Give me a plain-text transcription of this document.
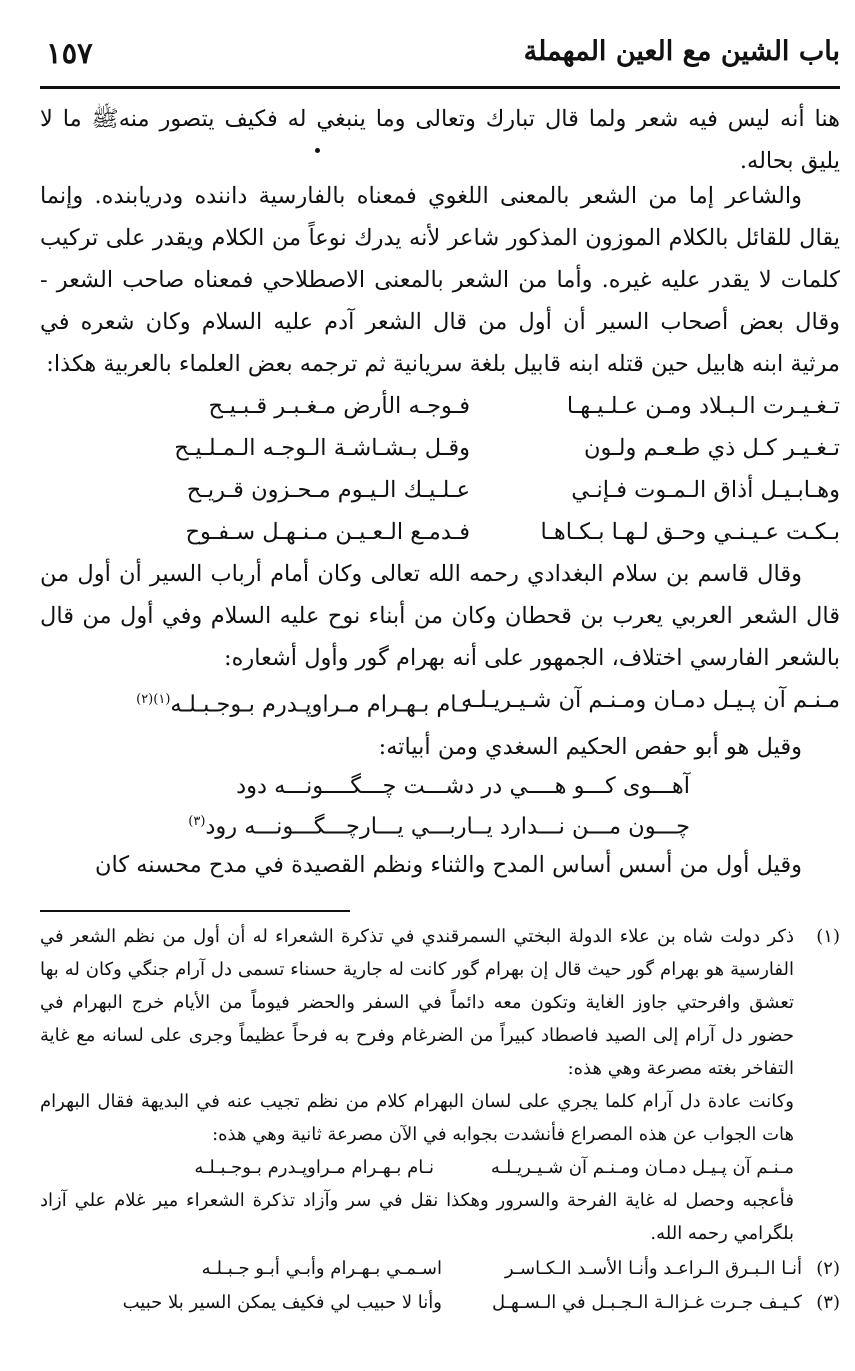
باب الشين مع العين المهملة
١٥٧

هنا أنه ليس فيه شعر ولما قال تبارك وتعالى وما ينبغي له فكيف يتصور منهﷺ ما لا يليق بحاله.

والشاعر إما من الشعر بالمعنى اللغوي فمعناه بالفارسية داننده ودريابنده. وإنما يقال للقائل بالكلام الموزون المذكور شاعر لأنه يدرك نوعاً من الكلام ويقدر على تركيب كلمات لا يقدر عليه غيره. وأما من الشعر بالمعنى الاصطلاحي فمعناه صاحب الشعر - وقال بعض أصحاب السير أن أول من قال الشعر آدم عليه السلام وكان شعره في مرثية ابنه هابيل حين قتله ابنه قابيل بلغة سريانية ثم ترجمه بعض العلماء بالعربية هكذا:

تـغـيـرت الـبـلاد ومـن عـلـيـهـا
فـوجـه الأرض مـغـبـر قـبـيـح
تـغـيـر كـل ذي طـعـم ولـون
وقـل بـشـاشـة الـوجـه الـمـلـيـح
وهـابـيـل أذاق الـمـوت فـإنـي
عـلـيـك الـيـوم مـحـزون قـريـح
بـكـت عـيـنـي وحـق لـهـا بـكـاهـا
فـدمـع الـعـيـن مـنـهـل سـفـوح

وقال قاسم بن سلام البغدادي رحمه الله تعالى وكان أمام أرباب السير أن أول من قال الشعر العربي يعرب بن قحطان وكان من أبناء نوح عليه السلام وفي أول من قال بالشعر الفارسي اختلاف، الجمهور على أنه بهرام گور وأول أشعاره:

مـنـم آن پـيـل دمـان ومـنـم آن شـيـريـلـه
نـام بـهـرام مـراوپـدرم بـوجـبـلـه$^{(١)(٢)}$

وقيل هو أبو حفص الحكيم السغدي ومن أبياته:

آهـــوى كـــو هــــي در دشـــت چـــگــــونـــه دود
چـــون مـــن نـــدارد يــاربـــي يـــارچـــگـــونـــه رود$^{(٣)}$

وقيل أول من أسس أساس المدح والثناء ونظم القصيدة في مدح محسنه كان

(١)

ذكر دولت شاه بن علاء الدولة البختي السمرقندي في تذكرة الشعراء له أن أول من نظم الشعر في الفارسية هو بهرام گور حيث قال إن بهرام گور كانت له جارية حسناء تسمى دل آرام جنگي وكان له بها تعشق وافرحتي جاوز الغاية وتكون معه دائماً في السفر والحضر فيوماً من الأيام خرج البهرام في حضور دل آرام إلى الصيد فاصطاد كبيراً من الضرغام وفرح به فرحاً عظيماً وجرى على لسانه مع غاية التفاخر بغته مصرعة وهي هذه:

وكانت عادة دل آرام كلما يجري على لسان البهرام كلام من نظم تجيب عنه في البديهة فقال البهرام هات الجواب عن هذه المصراع فأنشدت بجوابه في الآن مصرعة ثانية وهي هذه:

مـنـم آن پـيـل دمـان ومـنـم آن شـيـريـلـه
نـام بـهـرام مـراوپـدرم بـوجـبـلـه

فأعجبه وحصل له غاية الفرحة والسرور وهكذا نقل في سر وآزاد تذكرة الشعراء مير غلام علي آزاد بلگرامي رحمه الله.

(٢)
أنـا الـبـرق الـراعـد وأنـا الأسـد الـكـاسـر
اسـمـي بـهـرام وأبـي أبـو جـبـلـه
(٣)
كـيـف جـرت غـزالـة الـجـبـل في الـسـهـل
وأنا لا حبيب لي فكيف يمكن السير بلا حبيب
